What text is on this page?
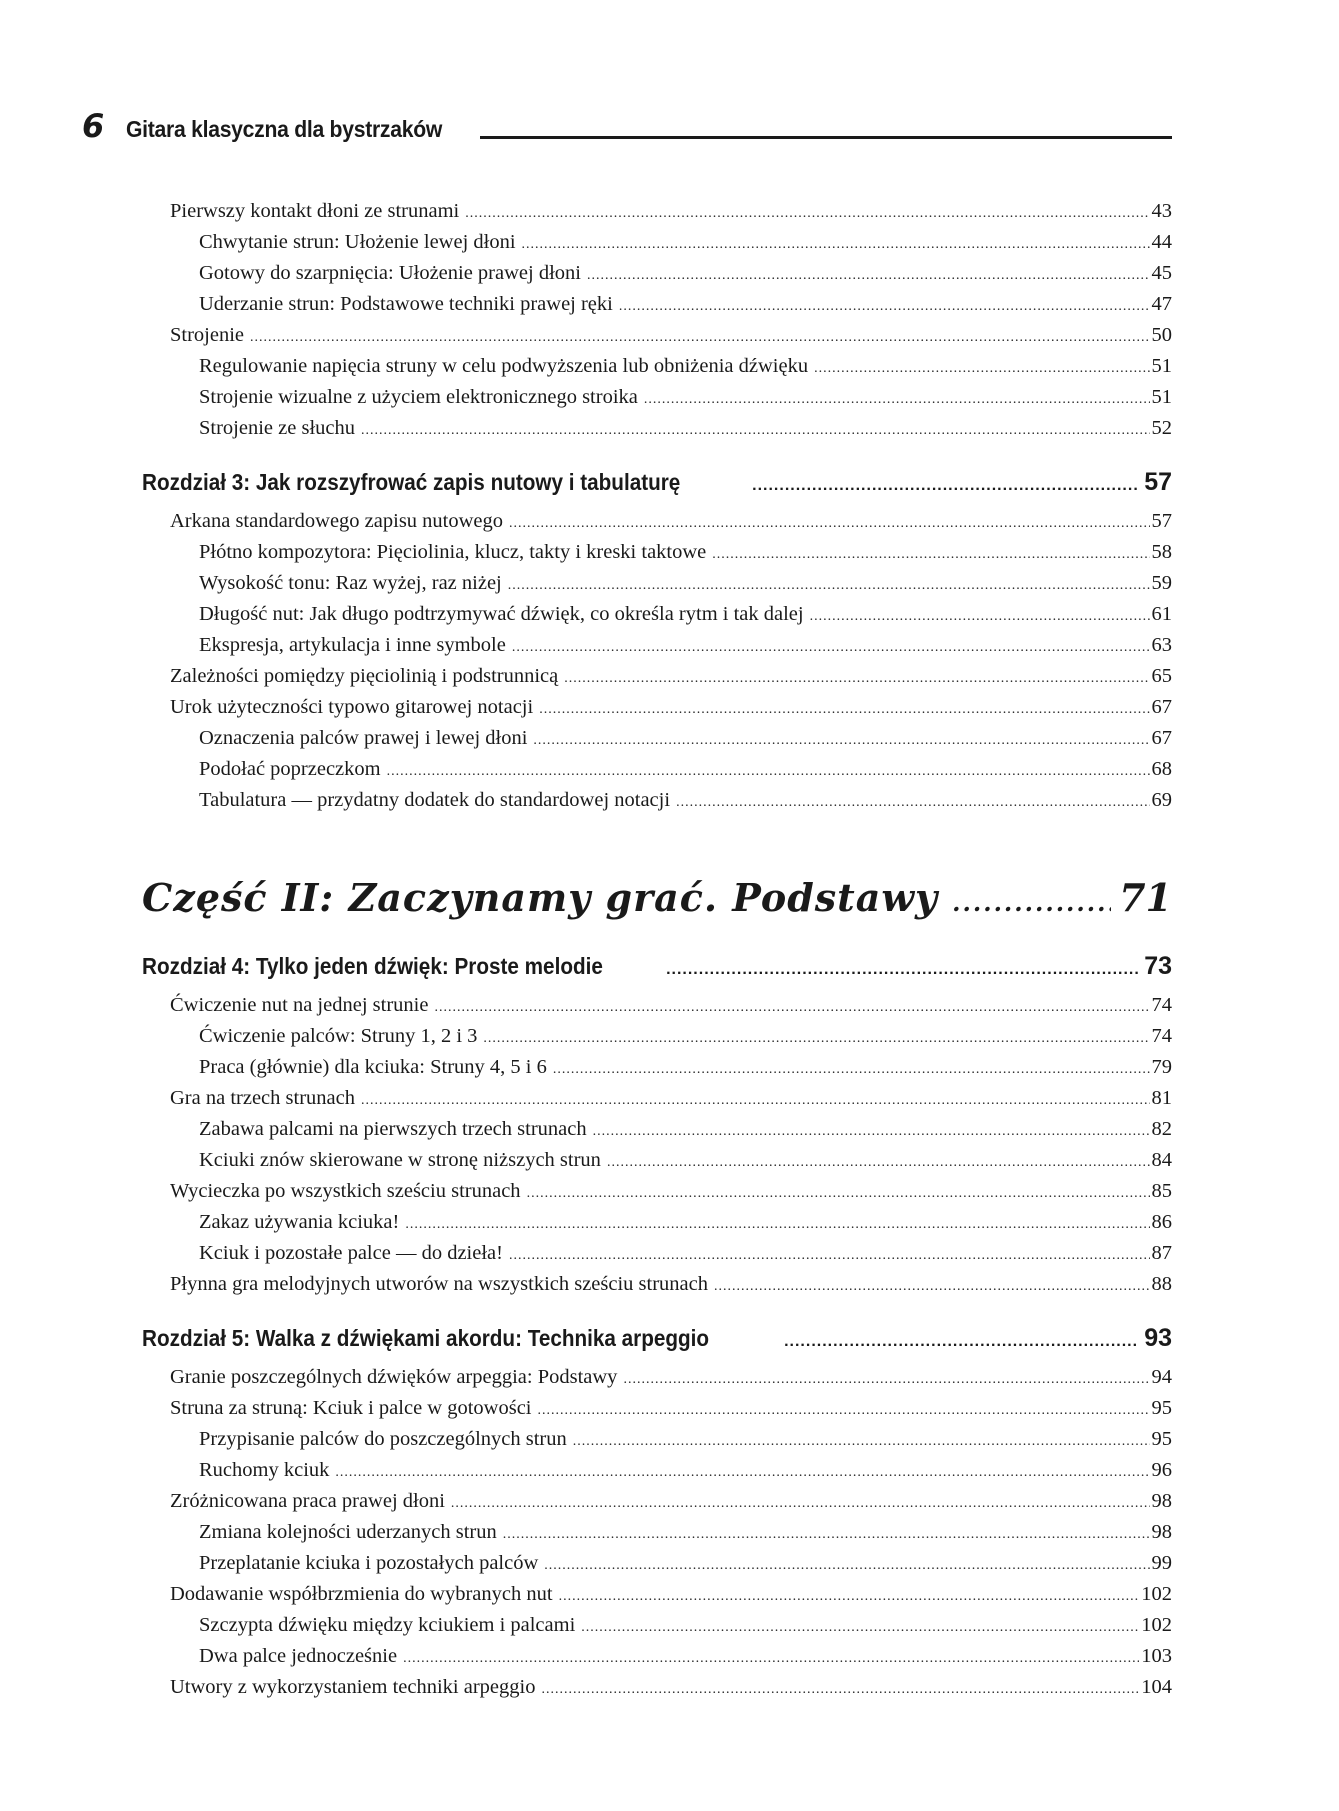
6 Gitara klasyczna dla bystrzaków
Pierwszy kontakt dłoni ze strunami .....	43
Chwytanie strun: Ułożenie lewej dłoni .....	44
Gotowy do szarpnięcia: Ułożenie prawej dłoni .....	45
Uderzanie strun: Podstawowe techniki prawej ręki .....	47
Strojenie .....	50
Regulowanie napięcia struny w celu podwyższenia lub obniżenia dźwięku .....	51
Strojenie wizualne z użyciem elektronicznego stroika .....	51
Strojenie ze słuchu .....	52
Rozdział 3: Jak rozszyfrować zapis nutowy i tabulaturę .....	57
Arkana standardowego zapisu nutowego .....	57
Płótno kompozytora: Pięciolinia, klucz, takty i kreski taktowe .....	58
Wysokość tonu: Raz wyżej, raz niżej .....	59
Długość nut: Jak długo podtrzymywać dźwięk, co określa rytm i tak dalej .....	61
Ekspresja, artykulacja i inne symbole .....	63
Zależności pomiędzy pięciolinią i podstrunnicą .....	65
Urok użyteczności typowo gitarowej notacji .....	67
Oznaczenia palców prawej i lewej dłoni .....	67
Podołać poprzeczkom .....	68
Tabulatura — przydatny dodatek do standardowej notacji .....	69
Część II: Zaczynamy grać. Podstawy .....	71
Rozdział 4: Tylko jeden dźwięk: Proste melodie .....	73
Ćwiczenie nut na jednej strunie .....	74
Ćwiczenie palców: Struny 1, 2 i 3 .....	74
Praca (głównie) dla kciuka: Struny 4, 5 i 6 .....	79
Gra na trzech strunach .....	81
Zabawa palcami na pierwszych trzech strunach .....	82
Kciuki znów skierowane w stronę niższych strun .....	84
Wycieczka po wszystkich sześciu strunach .....	85
Zakaz używania kciuka! .....	86
Kciuk i pozostałe palce — do dzieła! .....	87
Płynna gra melodyjnych utworów na wszystkich sześciu strunach .....	88
Rozdział 5: Walka z dźwiękami akordu: Technika arpeggio .....	93
Granie poszczególnych dźwięków arpeggia: Podstawy .....	94
Struna za struną: Kciuk i palce w gotowości .....	95
Przypisanie palców do poszczególnych strun .....	95
Ruchomy kciuk .....	96
Zróżnicowana praca prawej dłoni .....	98
Zmiana kolejności uderzanych strun .....	98
Przeplatanie kciuka i pozostałych palców .....	99
Dodawanie współbrzmienia do wybranych nut .....	102
Szczypta dźwięku między kciukiem i palcami .....	102
Dwa palce jednocześnie .....	103
Utwory z wykorzystaniem techniki arpeggio .....	104
